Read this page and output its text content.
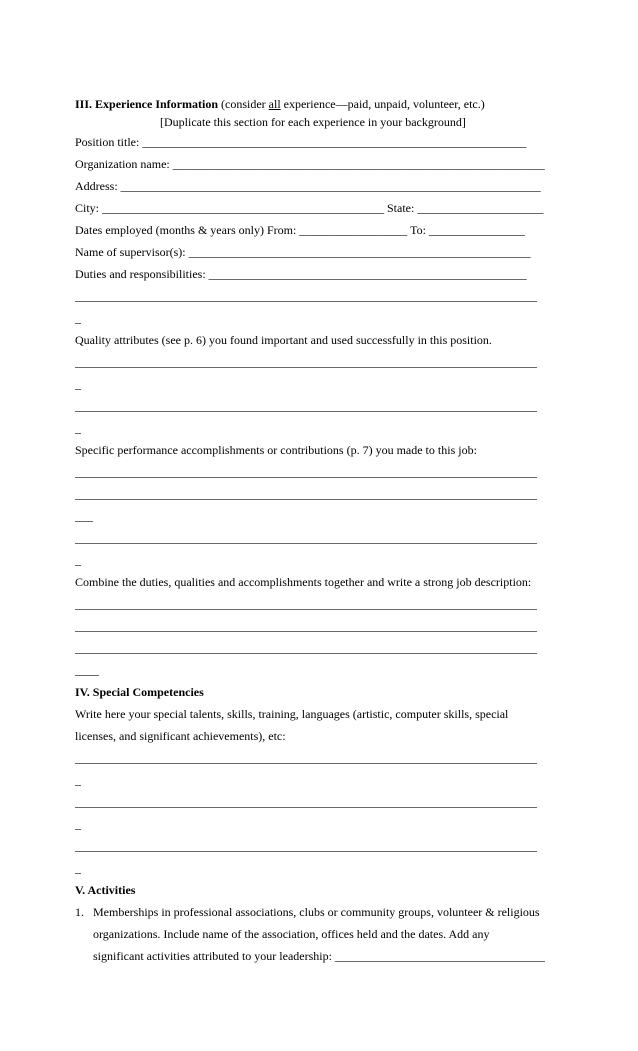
III. Experience Information (consider all experience—paid, unpaid, volunteer, etc.)
[Duplicate this section for each experience in your background]
Position title: ________________________________________________________________
Organization name: ______________________________________________________________
Address: ______________________________________________________________________
City: _______________________________________________ State: _____________________
Dates employed (months & years only) From: __________________ To: ________________
Name of supervisor(s): _________________________________________________________
Duties and responsibilities: _____________________________________________________
_____________________________________________________________________________
_
Quality attributes (see p. 6) you found important and used successfully in this position.
_____________________________________________________________________________
_
_____________________________________________________________________________
_
Specific performance accomplishments or contributions (p. 7) you made to this job:
_____________________________________________________________________________
_____________________________________________________________________________
___
_____________________________________________________________________________
_
Combine the duties, qualities and accomplishments together and write a strong job description:
_____________________________________________________________________________
_____________________________________________________________________________
_____________________________________________________________________________
____
IV. Special Competencies
Write here your special talents, skills, training, languages (artistic, computer skills, special
licenses, and significant achievements), etc:
_____________________________________________________________________________
_
_____________________________________________________________________________
_
_____________________________________________________________________________
_
V. Activities
1. Memberships in professional associations, clubs or community groups, volunteer & religious
organizations. Include name of the association, offices held and the dates. Add any
significant activities attributed to your leadership: ___________________________________
